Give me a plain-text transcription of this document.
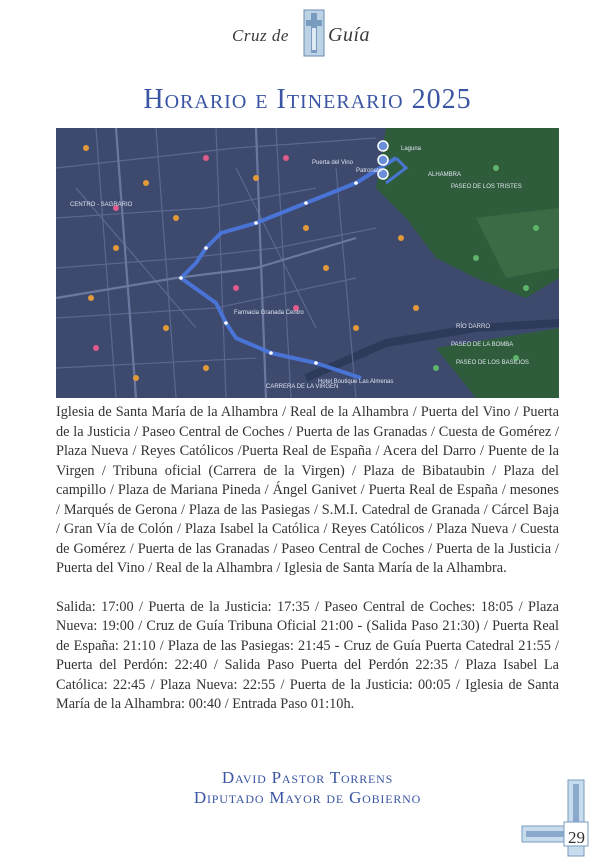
Cruz de Guía
Horario e Itinerario 2025
CENTRO - SAGRARIO
ALHAMBRA
Puerta del Vino
Patronato
Farmacia Granada Centro
Hotel Boutique Las Almenas
PASEO DE LOS TRISTES
RÍO DARRO
CARRERA DE LA VIRGEN
Laguna
PASEO DE LA BOMBA
PASEO DE LOS BASILIOS

Iglesia de Santa María de la Alhambra / Real de la Alhambra / Puerta del Vino / Puerta de la Justicia / Paseo Central de Coches / Puerta de las Granadas / Cuesta de Gomérez / Plaza Nueva / Reyes Católicos /Puerta Real de España / Acera del Darro / Puente de la Virgen / Tribuna oficial (Carrera de la Virgen) / Plaza de Bibataubin / Plaza del campillo / Plaza de Mariana Pineda / Ángel Ganivet / Puerta Real de España / mesones / Marqués de Gerona / Plaza de las Pasiegas / S.M.I. Catedral de Granada / Cárcel Baja / Gran Vía de Colón / Plaza Isabel la Católica / Reyes Católicos / Plaza Nueva / Cuesta de Gomérez / Puerta de las Granadas / Paseo Central de Coches / Puerta de la Justicia / Puerta del Vino / Real de la Alhambra / Iglesia de Santa María de la Alhambra.

Salida: 17:00 / Puerta de la Justicia: 17:35 / Paseo Central de Coches: 18:05 / Plaza Nueva: 19:00 / Cruz de Guía Tribuna Oficial 21:00 - (Salida Paso 21:30) / Puerta Real de España: 21:10 / Plaza de las Pasiegas: 21:45 - Cruz de Guía Puerta Catedral 21:55 / Puerta del Perdón: 22:40 / Salida Paso Puerta del Perdón 22:35 / Plaza Isabel La Católica: 22:45 / Plaza Nueva: 22:55 / Puerta de la Justicia: 00:05 / Iglesia de Santa María de la Alhambra: 00:40 / Entrada Paso 01:10h.

David Pastor Torrens
Diputado Mayor de Gobierno
29
